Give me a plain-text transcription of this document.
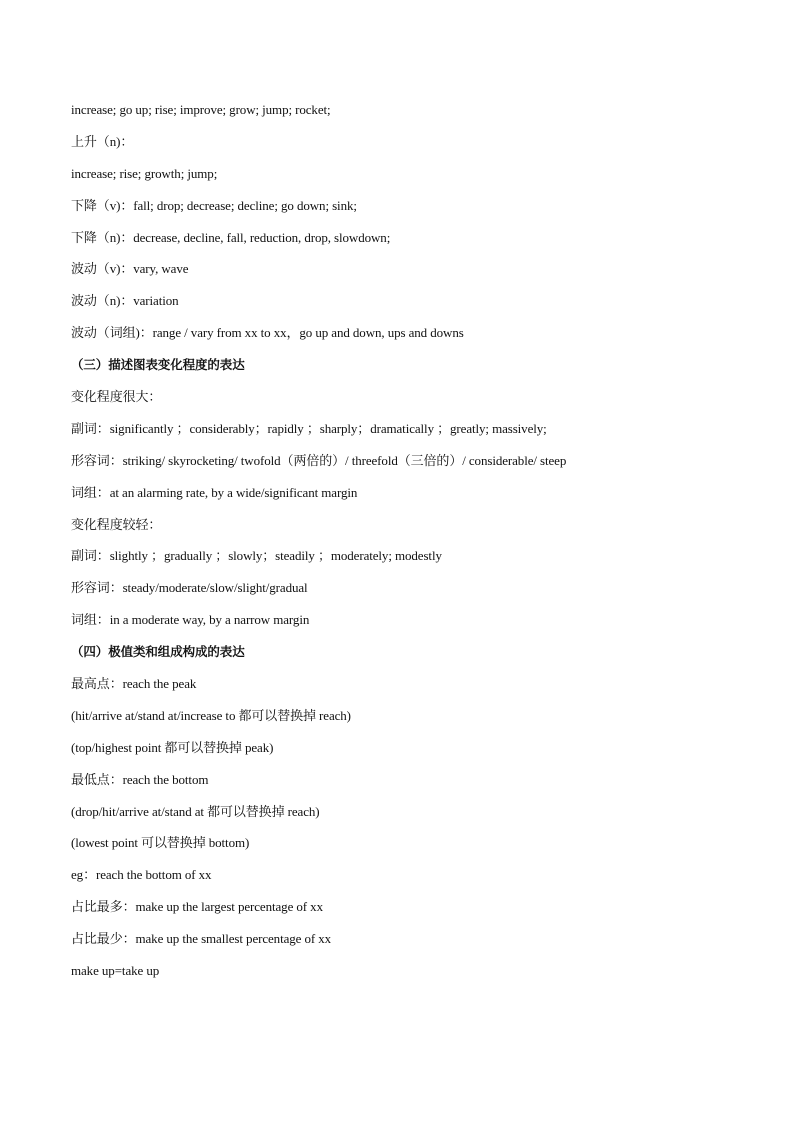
increase; go up; rise; improve; grow; jump; rocket;
上升（n)：
increase; rise; growth; jump;
下降（v)：fall; drop; decrease; decline; go down; sink;
下降（n)：decrease, decline, fall, reduction, drop, slowdown;
波动（v)：vary, wave
波动（n)：variation
波动（词组)：range / vary from xx to xx，go up and down, ups and downs
（三）描述图表变化程度的表达
变化程度很大：
副词：significantly ；considerably；rapidly ；sharply；dramatically ；greatly; massively;
形容词：striking/ skyrocketing/ twofold（两倍的）/ threefold（三倍的）/ considerable/ steep
词组：at an alarming rate, by a wide/significant margin
变化程度较轻：
副词：slightly ；gradually ；slowly；steadily ；moderately; modestly
形容词：steady/moderate/slow/slight/gradual
词组：in a moderate way, by a narrow margin
（四）极值类和组成构成的表达
最高点：reach the peak
(hit/arrive at/stand at/increase to 都可以替换掉 reach)
(top/highest point 都可以替换掉 peak)
最低点：reach the bottom
(drop/hit/arrive at/stand at 都可以替换掉 reach)
(lowest point 可以替换掉 bottom)
eg：reach the bottom of xx
占比最多：make up the largest percentage of xx
占比最少：make up the smallest percentage of xx
make up=take up
